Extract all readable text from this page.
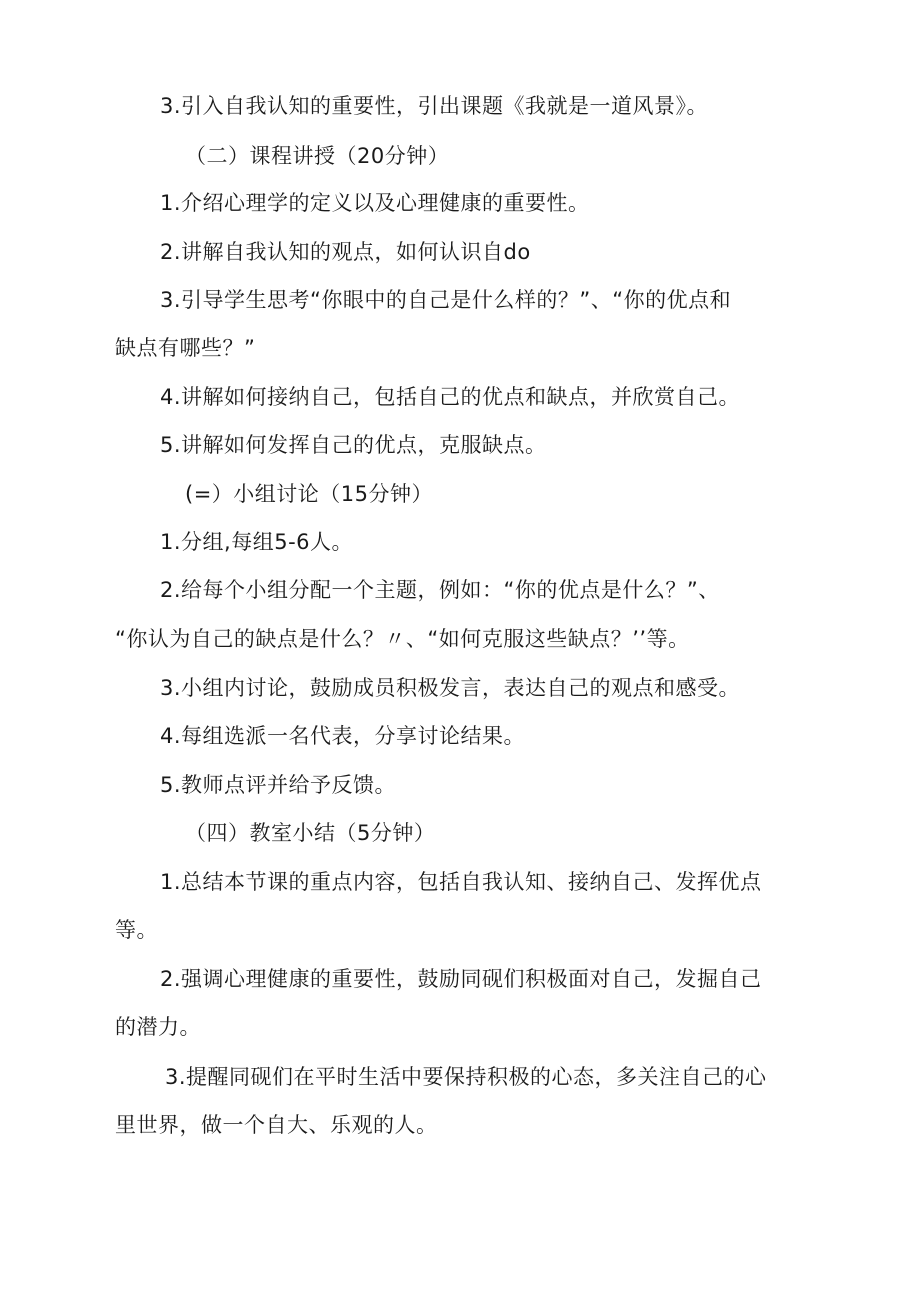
3.引入自我认知的重要性，引出课题《我就是一道风景》。
（二）课程讲授（20分钟）
1.介绍心理学的定义以及心理健康的重要性。
2.讲解自我认知的观点，如何认识自do
3.引导学生思考“你眼中的自己是什么样的？”、“你的优点和
缺点有哪些？”
4.讲解如何接纳自己，包括自己的优点和缺点，并欣赏自己。
5.讲解如何发挥自己的优点，克服缺点。
(=）小组讨论（15分钟）
1.分组,每组5-6人。
2.给每个小组分配一个主题，例如：“你的优点是什么？”、
“你认为自己的缺点是什么？〃、“如何克服这些缺点？’’等。
3.小组内讨论，鼓励成员积极发言，表达自己的观点和感受。
4.每组选派一名代表，分享讨论结果。
5.教师点评并给予反馈。
（四）教室小结（5分钟）
1.总结本节课的重点内容，包括自我认知、接纳自己、发挥优点
等。
2.强调心理健康的重要性，鼓励同砚们积极面对自己，发掘自己
的潜力。
3.提醒同砚们在平时生活中要保持积极的心态，多关注自己的心
里世界，做一个自大、乐观的人。
